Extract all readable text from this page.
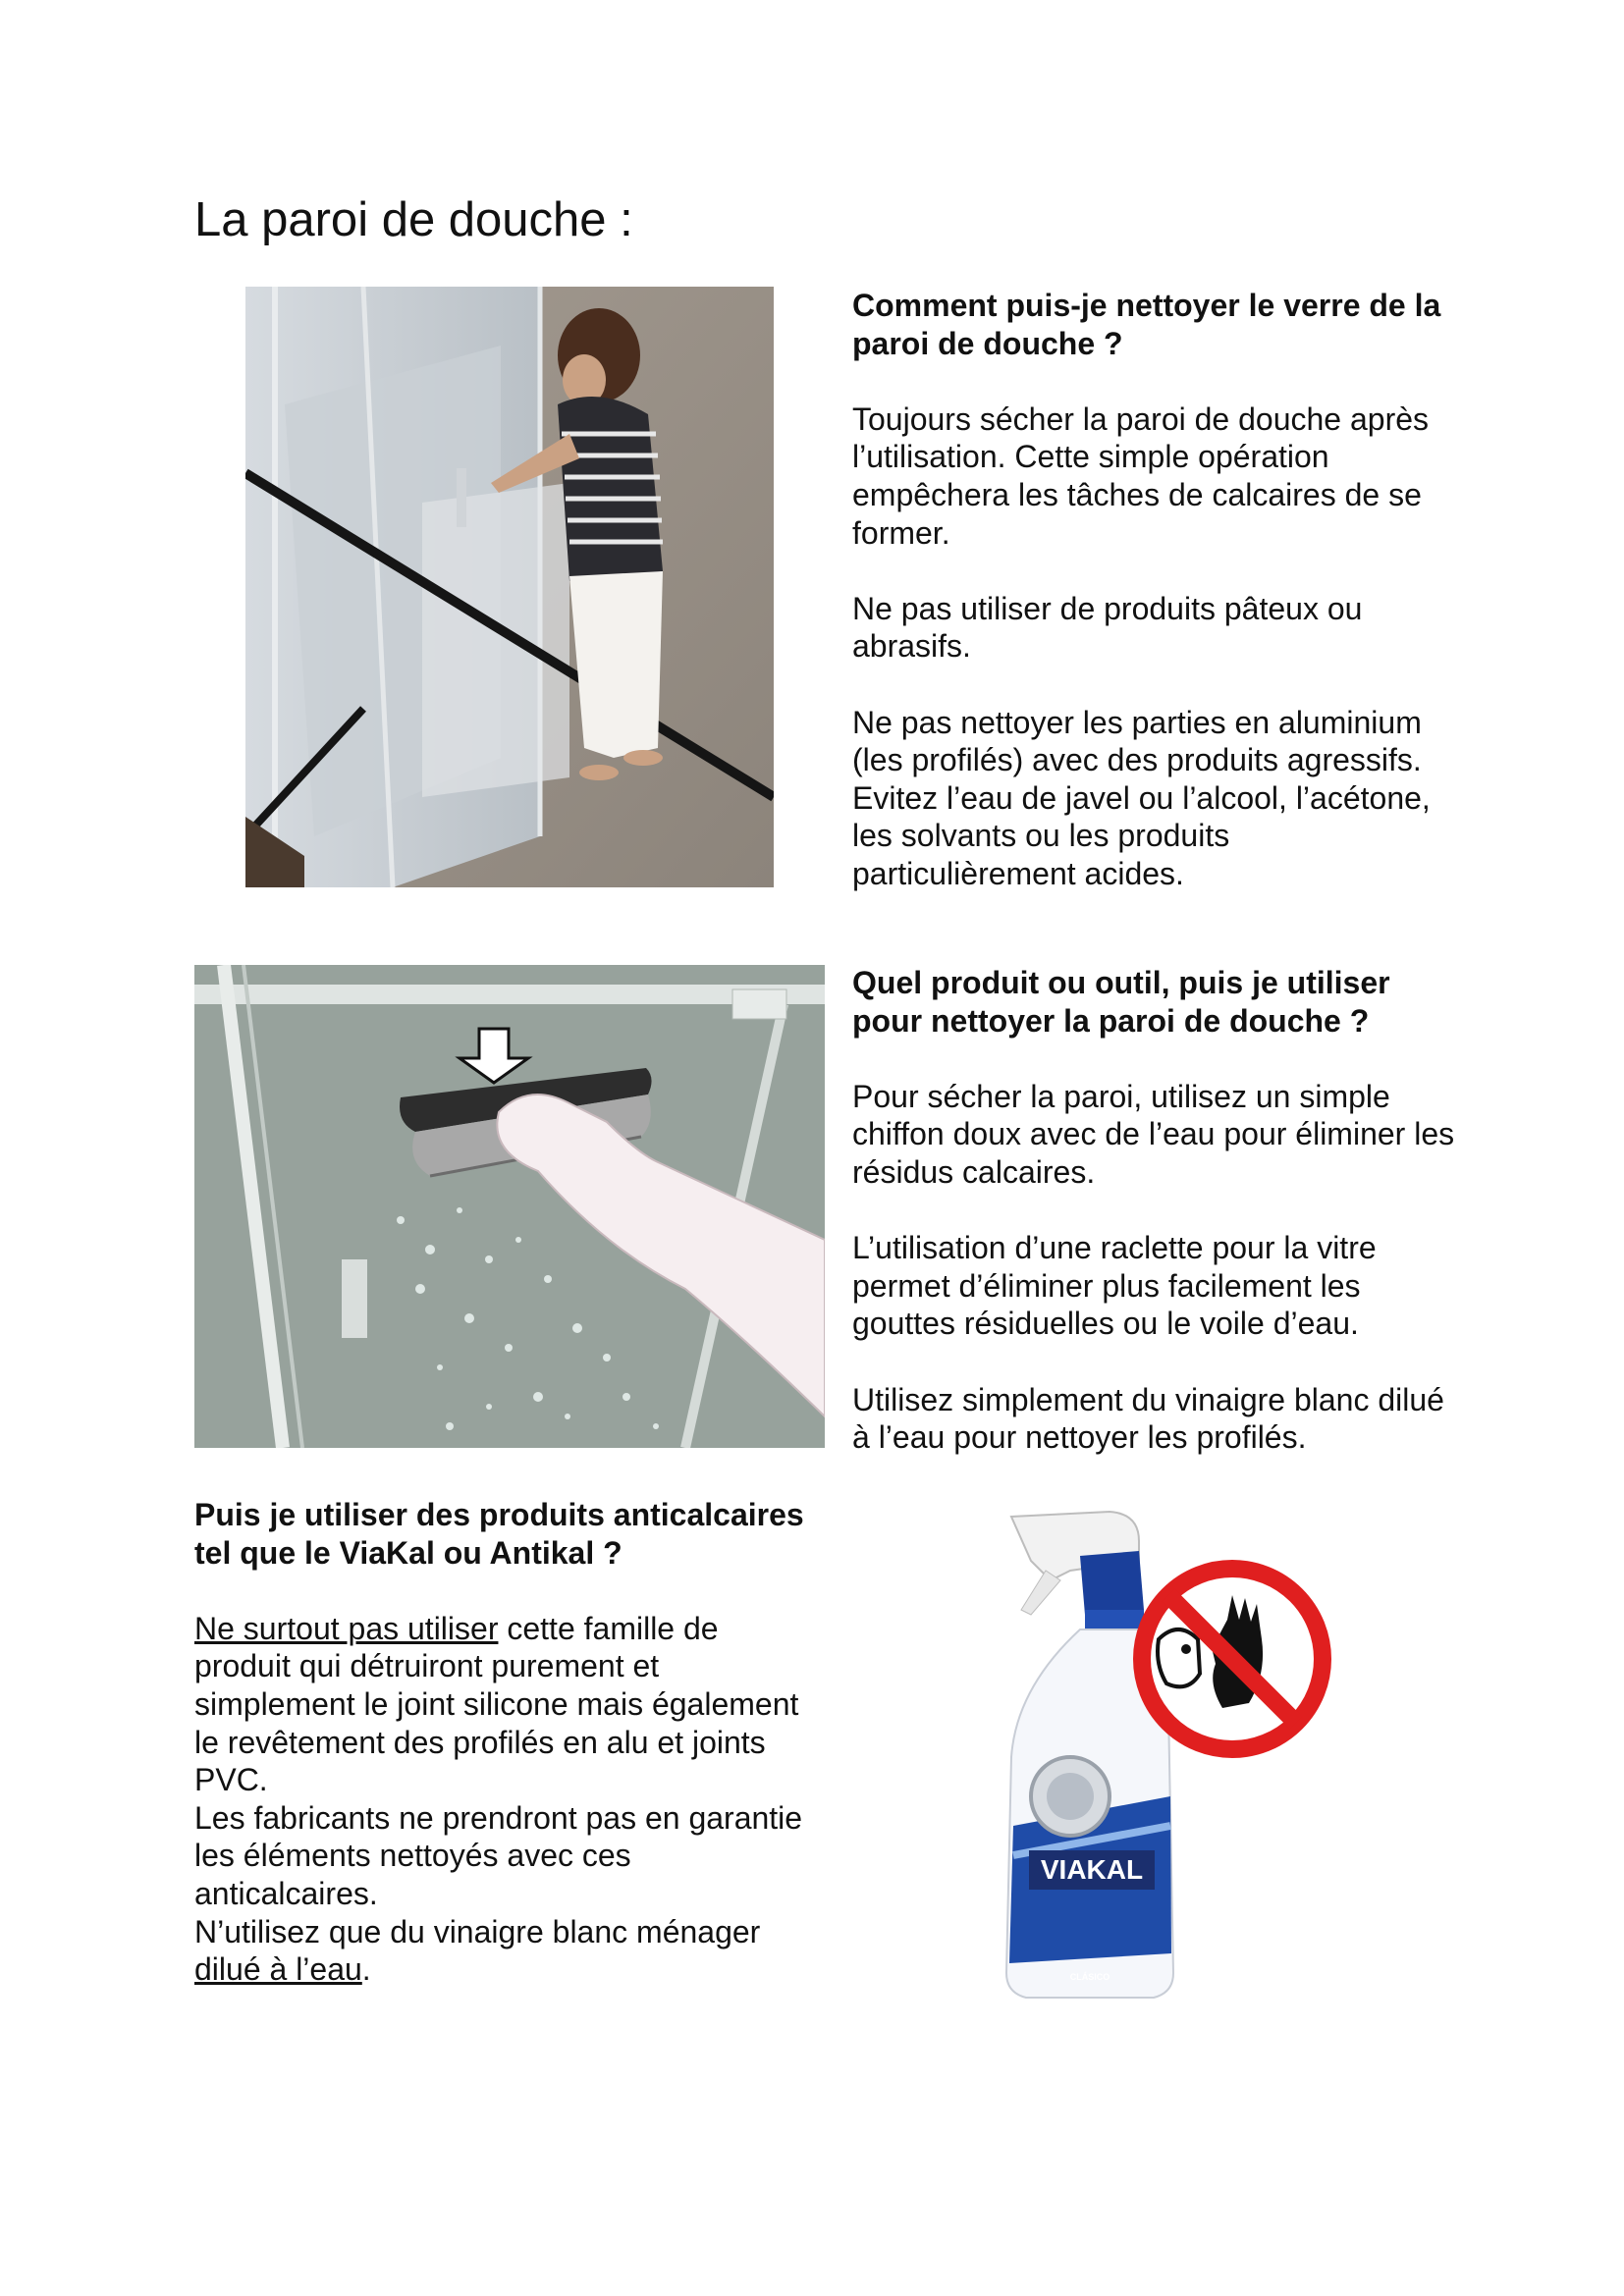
La paroi de douche :

Comment puis-je nettoyer le verre de la paroi de douche ?

Toujours sécher la paroi de douche après l’utilisation. Cette simple opération empêchera les tâches de calcaires de se former.

Ne pas utiliser de produits pâteux ou abrasifs.

Ne pas nettoyer les parties en aluminium (les profilés) avec des produits agressifs. Evitez l’eau de javel ou l’alcool, l’acétone, les solvants ou les produits particulièrement acides.

Quel produit ou outil, puis je utiliser pour nettoyer la paroi de douche ?

Pour sécher la paroi, utilisez un simple chiffon doux avec de l’eau pour éliminer les résidus calcaires.

L’utilisation d’une raclette pour la vitre permet d’éliminer plus facilement les gouttes résiduelles ou le voile d’eau.

Utilisez simplement du vinaigre blanc dilué à l’eau pour nettoyer les profilés.

Puis je utiliser des produits anticalcaires tel que le ViaKal ou Antikal ?

Ne surtout pas utiliser cette famille de produit qui détruiront purement et simplement le joint silicone mais également le revêtement des profilés en alu et joints PVC.

Les fabricants ne prendront pas en garantie les éléments nettoyés avec ces anticalcaires.

N’utilisez que du vinaigre blanc ménager dilué à l’eau.

VIAKAL
CLÁSICO
